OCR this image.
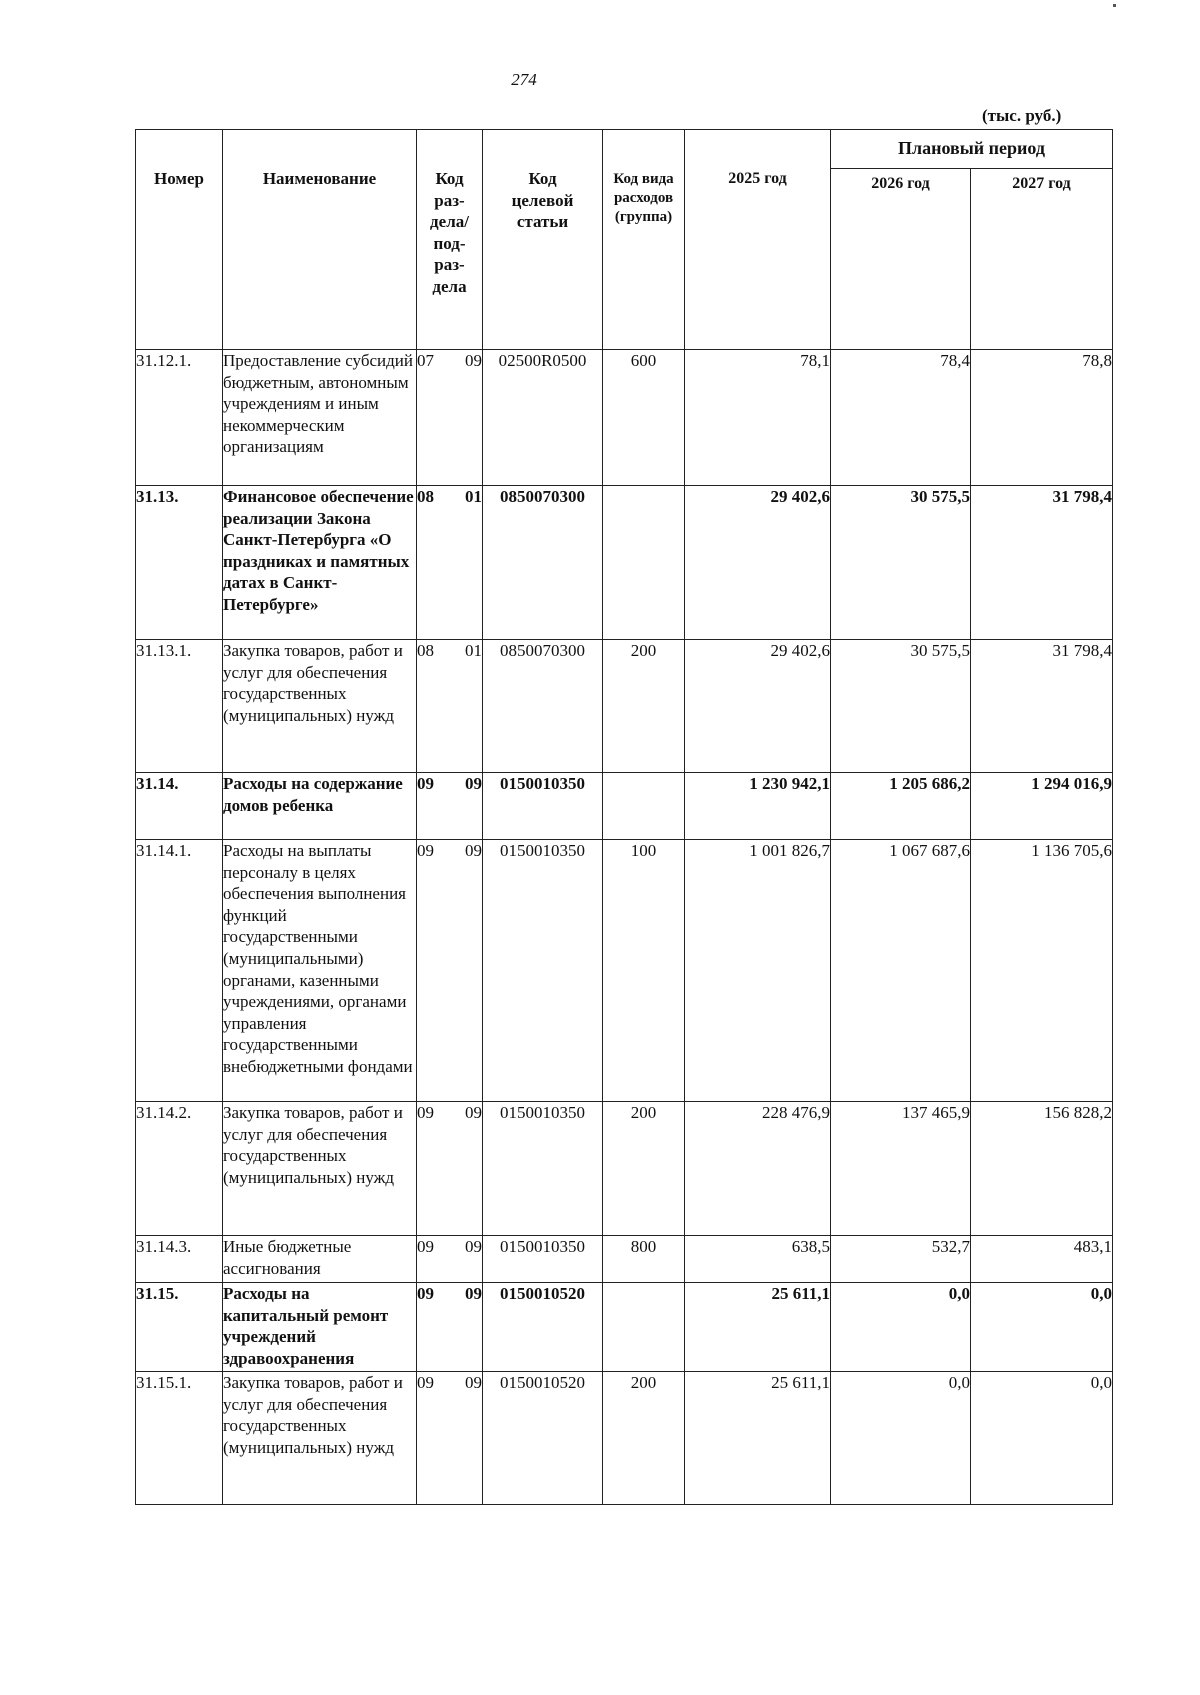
274
(тыс. руб.)
Номер	Наименование	Код раз- дела/ под- раз- дела	Код целевой статьи	Код вида расходов (группа)	2025 год	Плановый период	
						2026 год	2027 год
31.12.1.	Предоставление субсидий бюджетным, автономным учреждениям и иным некоммерческим организациям	07 09	02500R0500	600	78,1	78,4	78,8
31.13.	Финансовое обеспечение реализации Закона Санкт-Петербурга «О праздниках и памятных датах в Санкт-Петербурге»	08 01	0850070300		29 402,6	30 575,5	31 798,4
31.13.1.	Закупка товаров, работ и услуг для обеспечения государственных (муниципальных) нужд	08 01	0850070300	200	29 402,6	30 575,5	31 798,4
31.14.	Расходы на содержание домов ребенка	09 09	0150010350		1 230 942,1	1 205 686,2	1 294 016,9
31.14.1.	Расходы на выплаты персоналу в целях обеспечения выполнения функций государственными (муниципальными) органами, казенными учреждениями, органами управления государственными внебюджетными фондами	09 09	0150010350	100	1 001 826,7	1 067 687,6	1 136 705,6
31.14.2.	Закупка товаров, работ и услуг для обеспечения государственных (муниципальных) нужд	09 09	0150010350	200	228 476,9	137 465,9	156 828,2
31.14.3.	Иные бюджетные ассигнования	09 09	0150010350	800	638,5	532,7	483,1
31.15.	Расходы на капитальный ремонт учреждений здравоохранения	09 09	0150010520		25 611,1	0,0	0,0
31.15.1.	Закупка товаров, работ и услуг для обеспечения государственных (муниципальных) нужд	09 09	0150010520	200	25 611,1	0,0	0,0
